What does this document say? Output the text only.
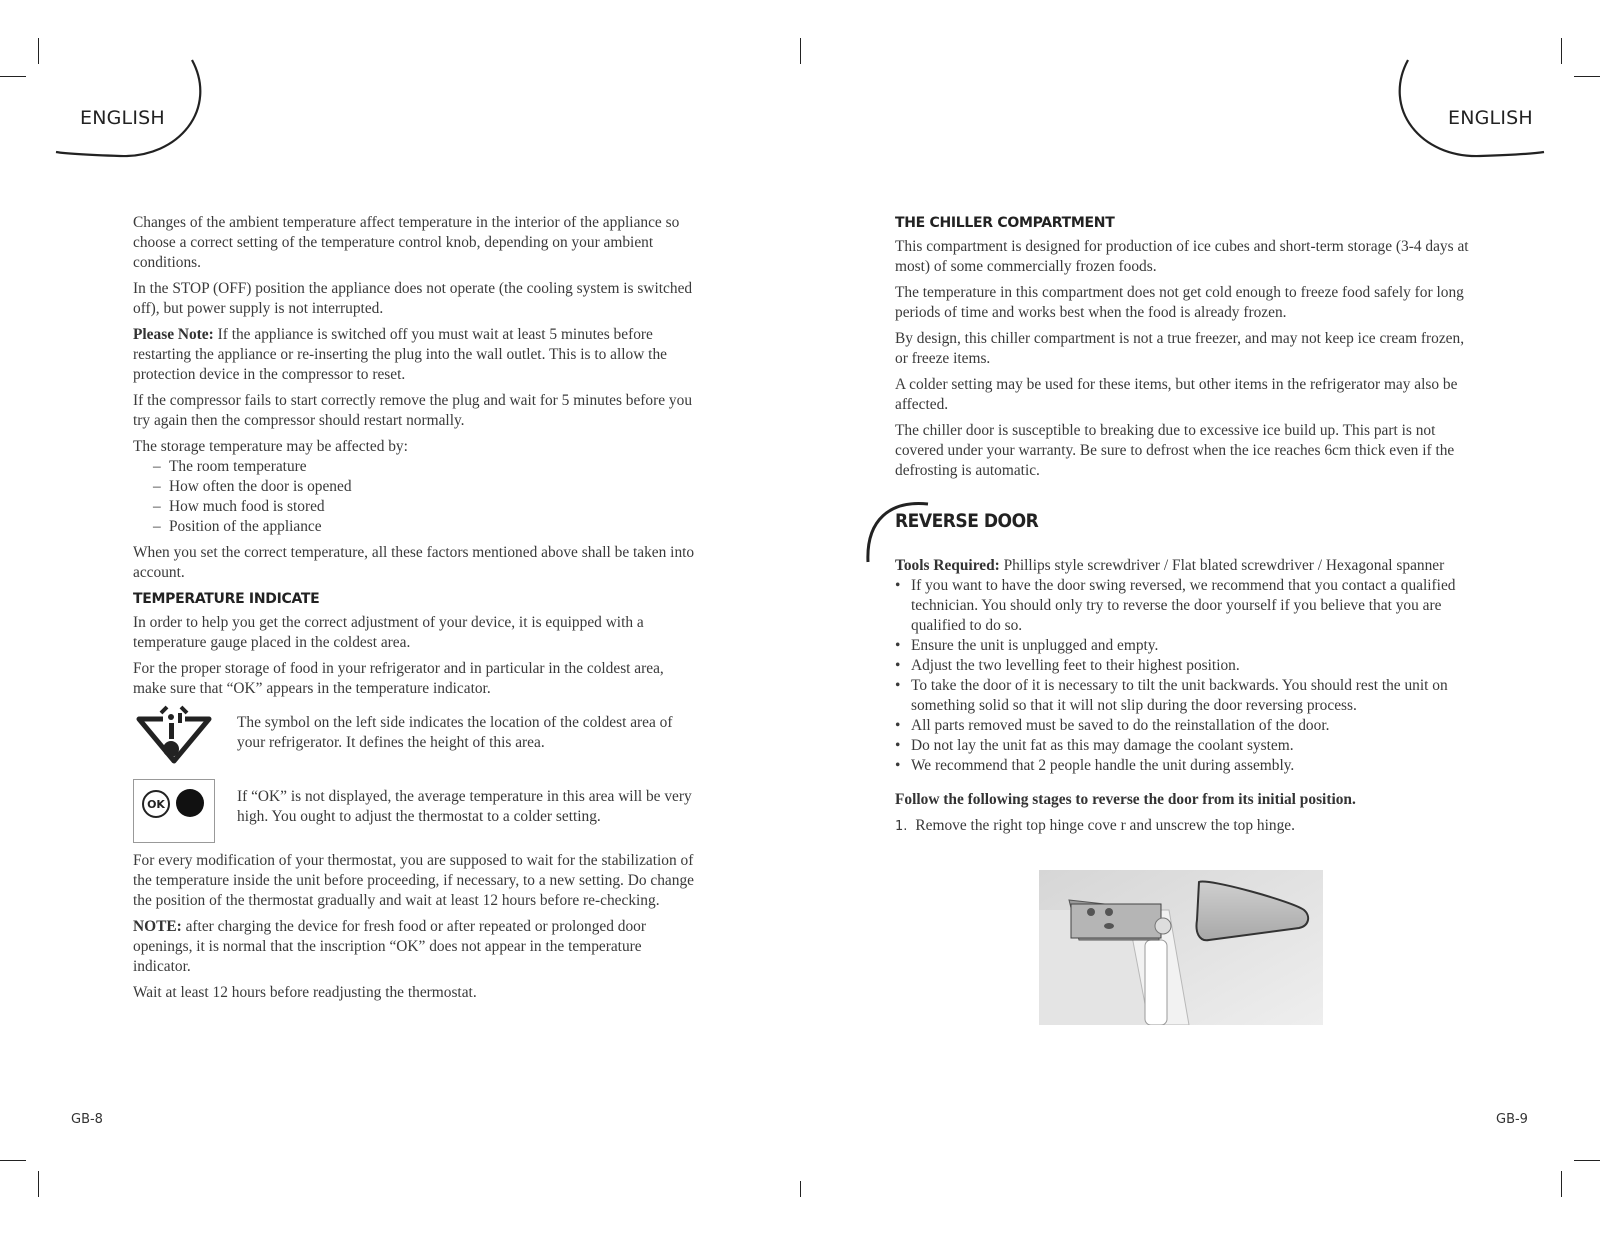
ENGLISH	ENGLISH

Changes of the ambient temperature affect temperature in the interior of the appliance so choose a correct setting of the temperature control knob, depending on your ambient conditions.

In the STOP (OFF) position the appliance does not operate (the cooling system is switched off), but power supply is not interrupted.

Please Note: If the appliance is switched off you must wait at least 5 minutes before restarting the appliance or re-inserting the plug into the wall outlet. This is to allow the protection device in the compressor to reset.

If the compressor fails to start correctly remove the plug and wait for 5 minutes before you try again then the compressor should restart normally.

The storage temperature may be affected by:

– The room temperature
– How often the door is opened
– How much food is stored
– Position of the appliance

When you set the correct temperature, all these factors mentioned above shall be taken into account.

TEMPERATURE INDICATE

In order to help you get the correct adjustment of your device, it is equipped with a temperature gauge placed in the coldest area.

For the proper storage of food in your refrigerator and in particular in the coldest area, make sure that “OK” appears in the temperature indicator.

The symbol on the left side indicates the location of the coldest area of your refrigerator. It defines the height of this area.

OK	If “OK” is not displayed, the average temperature in this area will be very high. You ought to adjust the thermostat to a colder setting.

For every modification of your thermostat, you are supposed to wait for the stabilization of the temperature inside the unit before proceeding, if necessary, to a new setting. Do change the position of the thermostat gradually and wait at least 12 hours before re-checking.

NOTE: after charging the device for fresh food or after repeated or prolonged door openings, it is normal that the inscription “OK” does not appear in the temperature indicator.

Wait at least 12 hours before readjusting the thermostat.

THE CHILLER COMPARTMENT

This compartment is designed for production of ice cubes and short-term storage (3-4 days at most) of some commercially frozen foods.

The temperature in this compartment does not get cold enough to freeze food safely for long periods of time and works best when the food is already frozen.

By design, this chiller compartment is not a true freezer, and may not keep ice cream frozen, or freeze items.

A colder setting may be used for these items, but other items in the refrigerator may also be affected.

The chiller door is susceptible to breaking due to excessive ice build up. This part is not covered under your warranty. Be sure to defrost when the ice reaches 6cm thick even if the defrosting is automatic.

REVERSE DOOR

Tools Required: Phillips style screwdriver / Flat blated screwdriver / Hexagonal spanner

• If you want to have the door swing reversed, we recommend that you contact a qualified technician. You should only try to reverse the door yourself if you believe that you are qualified to do so.
• Ensure the unit is unplugged and empty.
• Adjust the two levelling feet to their highest position.
• To take the door of it is necessary to tilt the unit backwards. You should rest the unit on something solid so that it will not slip during the door reversing process.
• All parts removed must be saved to do the reinstallation of the door.
• Do not lay the unit fat as this may damage the coolant system.
• We recommend that 2 people handle the unit during assembly.

Follow the following stages to reverse the door from its initial position.

1. Remove the right top hinge cove r and unscrew the top hinge.
GB-8	GB-9
